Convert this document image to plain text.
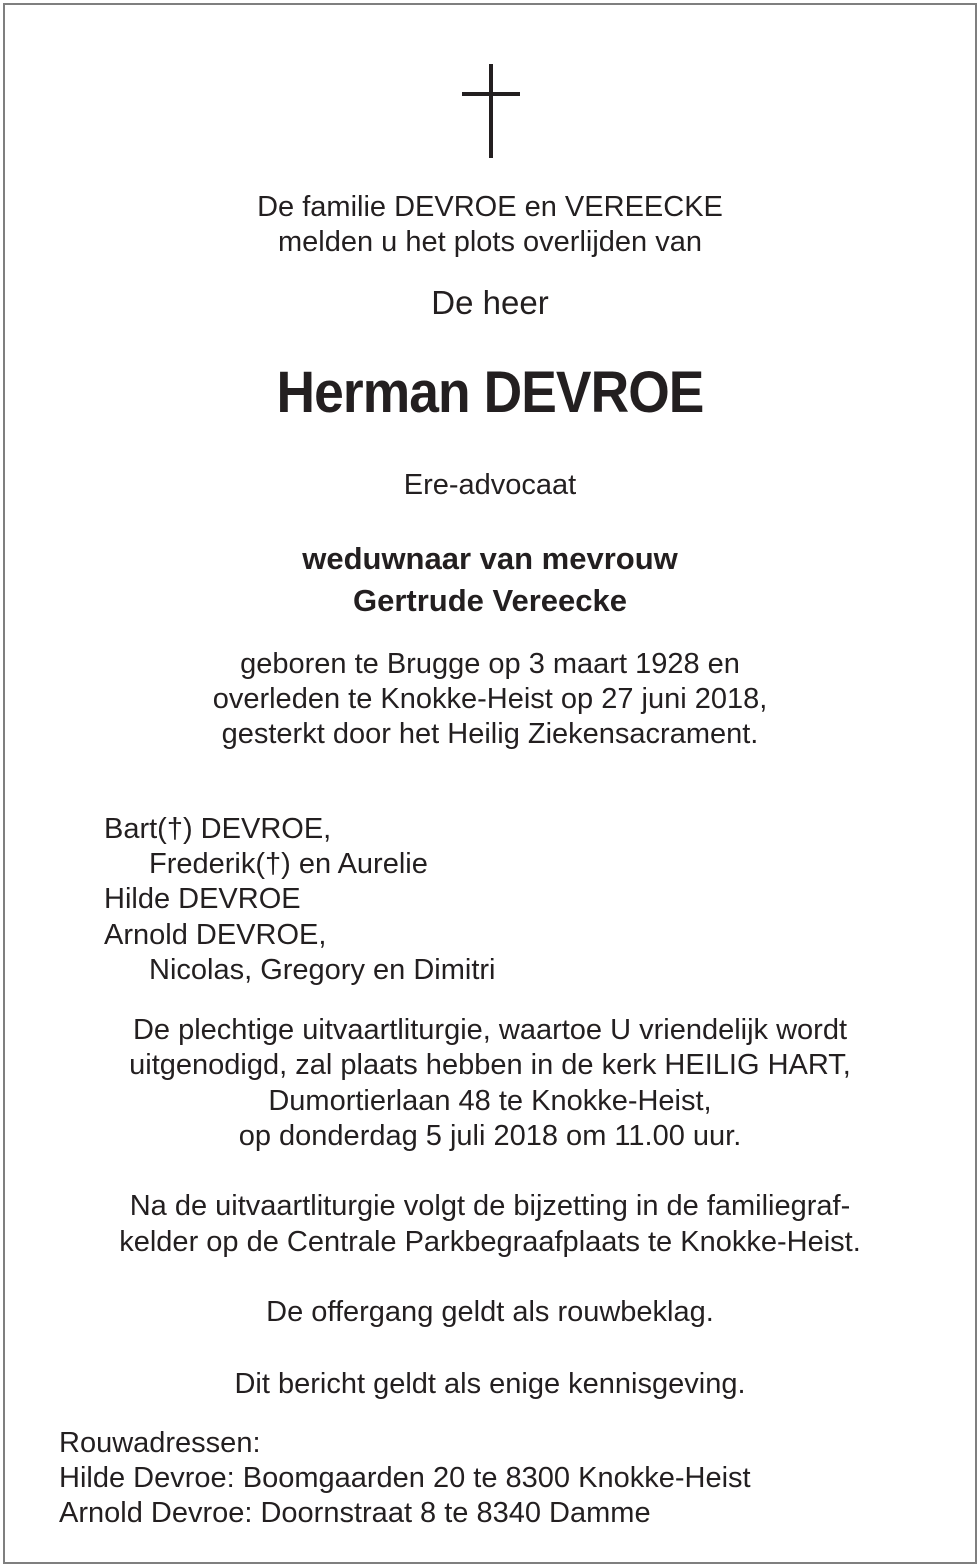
De familie DEVROE en VEREECKE
melden u het plots overlijden van
De heer
Herman DEVROE
Ere-advocaat
weduwnaar van mevrouw
Gertrude Vereecke
geboren te Brugge op 3 maart 1928 en
overleden te Knokke-Heist op 27 juni 2018,
gesterkt door het Heilig Ziekensacrament.
Bart(†) DEVROE,
Frederik(†) en Aurelie
Hilde DEVROE
Arnold DEVROE,
Nicolas, Gregory en Dimitri
De plechtige uitvaartliturgie, waartoe U vriendelijk wordt
uitgenodigd, zal plaats hebben in de kerk HEILIG HART,
Dumortierlaan 48 te Knokke-Heist,
op donderdag 5 juli 2018 om 11.00 uur.
Na de uitvaartliturgie volgt de bijzetting in de familiegraf-
kelder op de Centrale Parkbegraafplaats te Knokke-Heist.
De offergang geldt als rouwbeklag.
Dit bericht geldt als enige kennisgeving.
Rouwadressen:
Hilde Devroe: Boomgaarden 20 te 8300 Knokke-Heist
Arnold Devroe: Doornstraat 8 te 8340 Damme
